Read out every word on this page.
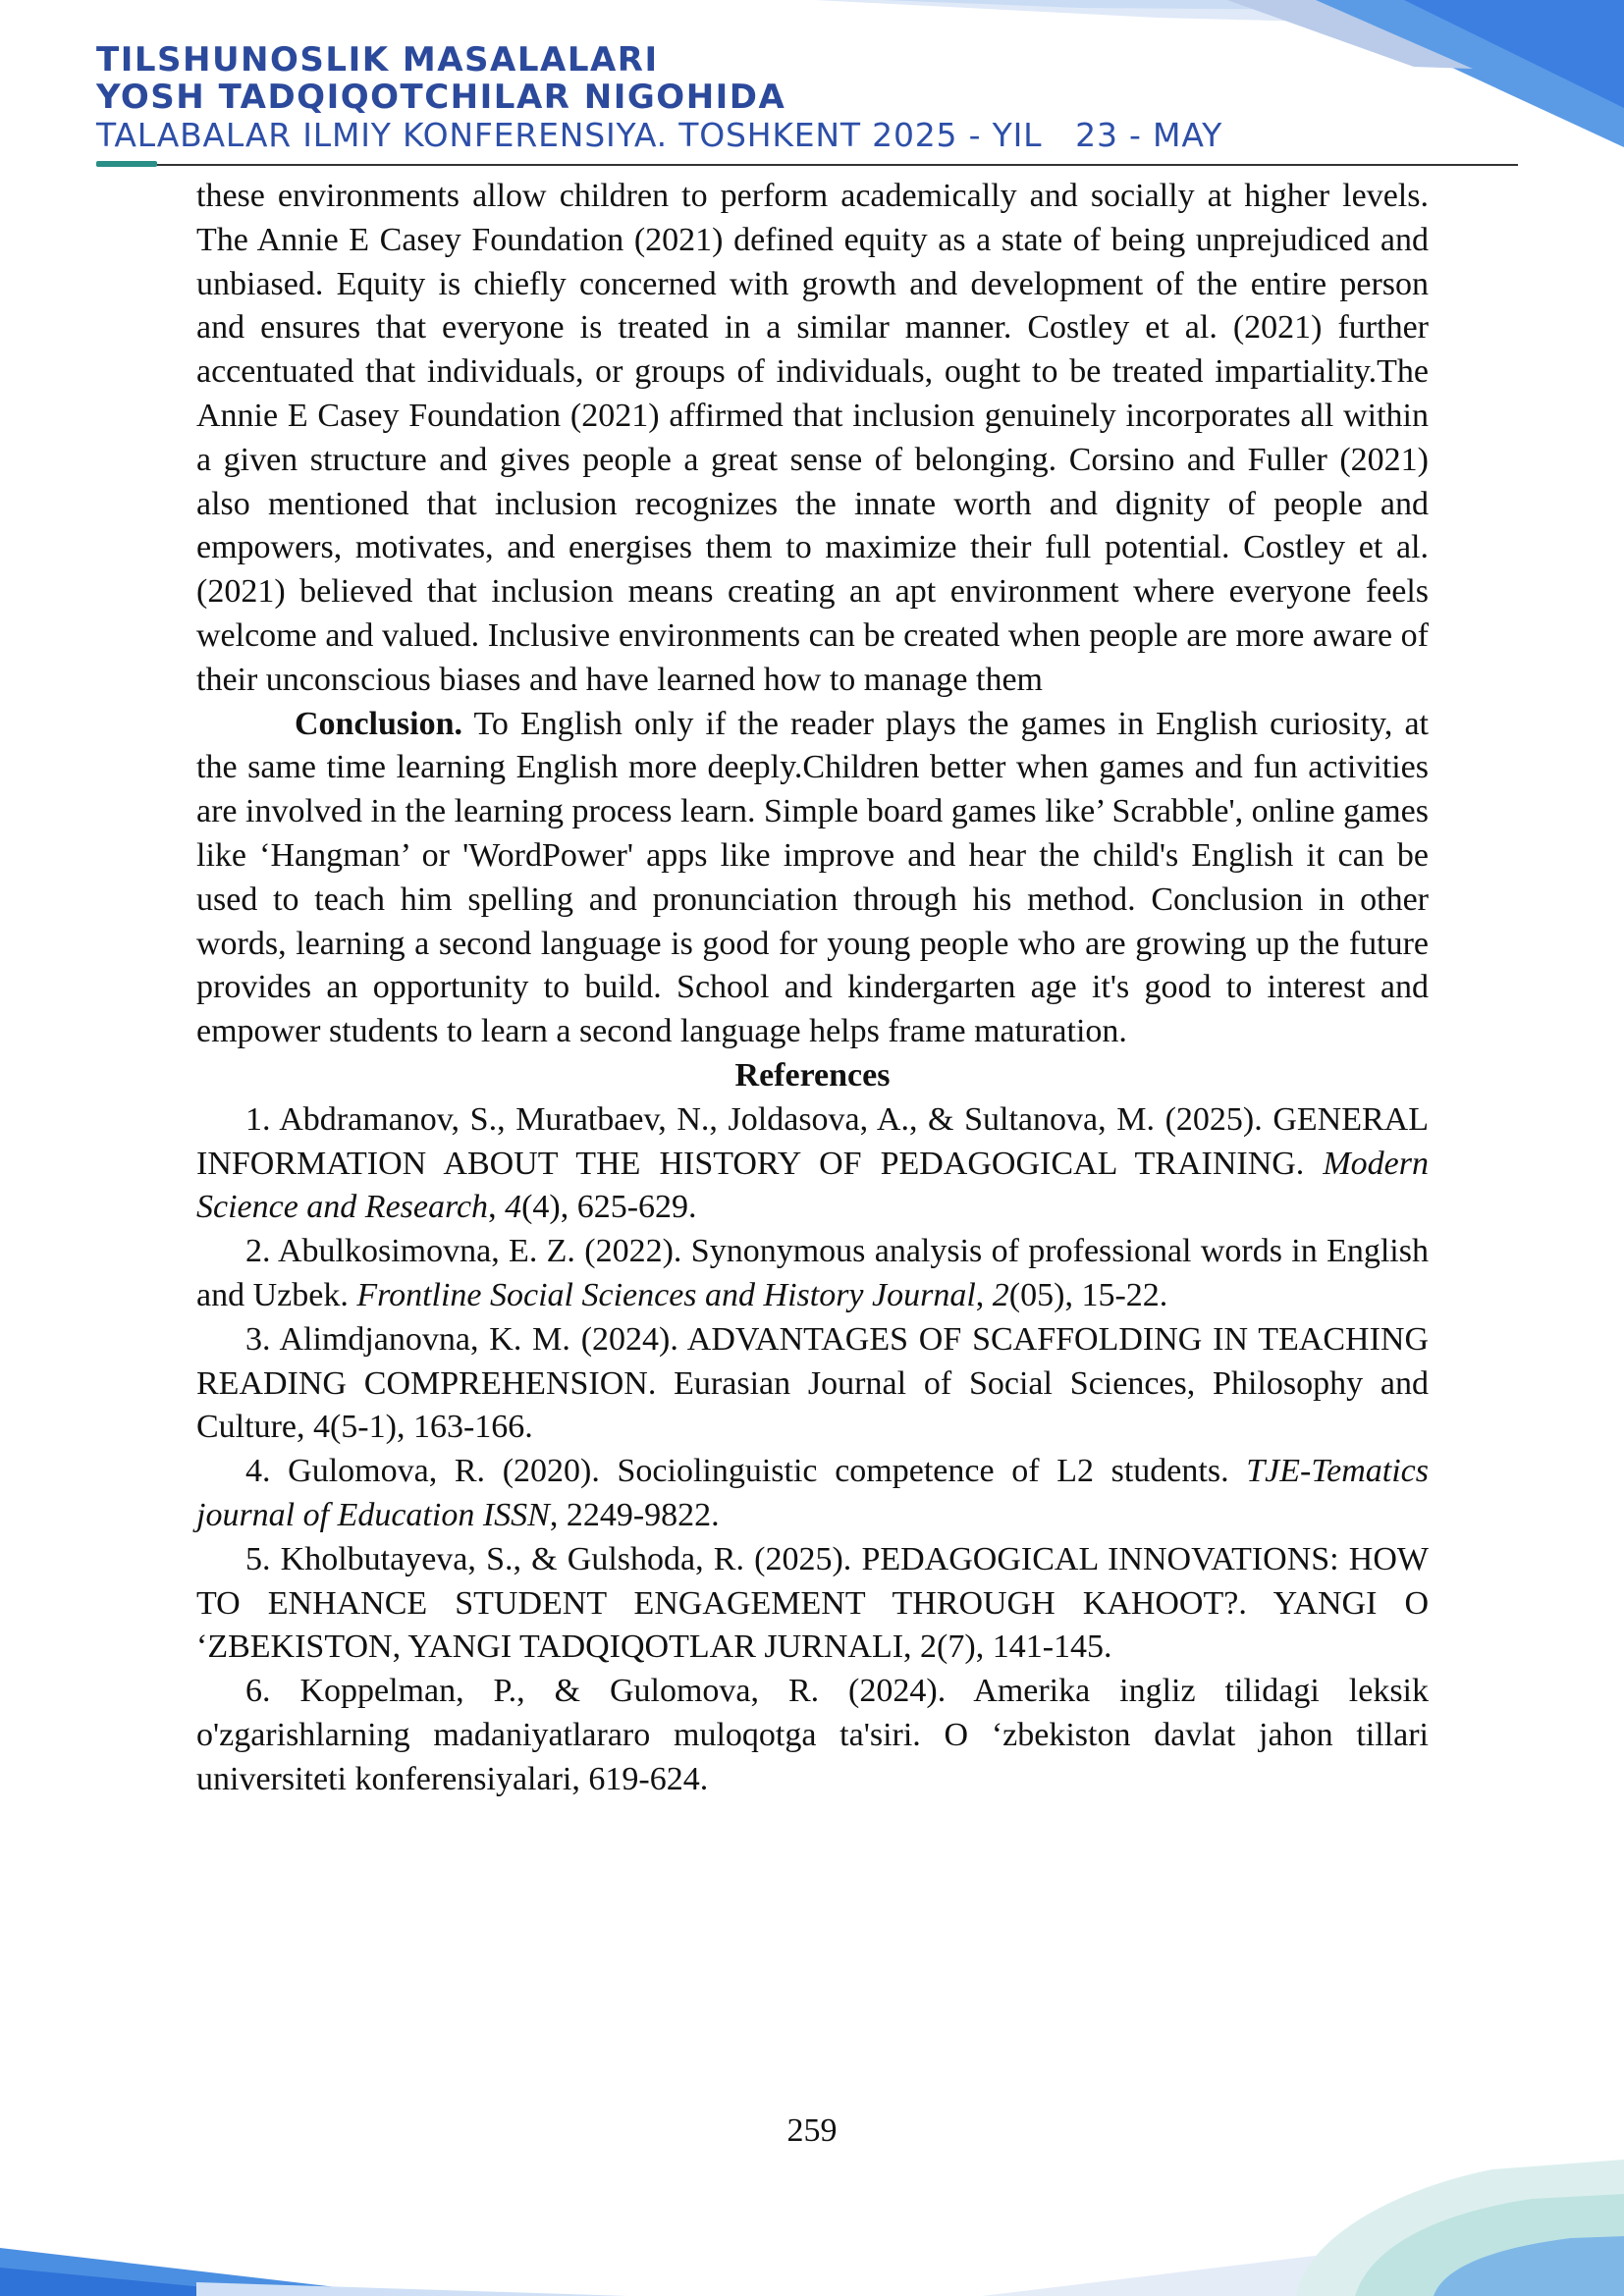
TILSHUNOSLIK MASALALARI
YOSH TADQIQOTCHILAR NIGOHIDA
TALABALAR ILMIY KONFERENSIYA. TOSHKENT 2025 - YIL   23 - MAY

these environments allow children to perform academically and socially at higher levels. The Annie E Casey Foundation (2021) defined equity as a state of being unprejudiced and unbiased. Equity is chiefly concerned with growth and development of the entire person and ensures that everyone is treated in a similar manner. Costley et al. (2021) further accentuated that individuals, or groups of individuals, ought to be treated impartiality.The Annie E Casey Foundation (2021) affirmed that inclusion genuinely incorporates all within a given structure and gives people a great sense of belonging. Corsino and Fuller (2021) also mentioned that inclusion recognizes the innate worth and dignity of people and empowers, motivates, and energises them to maximize their full potential. Costley et al. (2021) believed that inclusion means creating an apt environment where everyone feels welcome and valued. Inclusive environments can be created when people are more aware of their unconscious biases and have learned how to manage them

Conclusion. To English only if the reader plays the games in English curiosity, at the same time learning English more deeply.Children better when games and fun activities are involved in the learning process learn. Simple board games like’ Scrabble', online games like ‘Hangman’ or 'WordPower' apps like improve and hear the child's English it can be used to teach him spelling and pronunciation through his method. Conclusion in other words, learning a second language is good for young people who are growing up the future provides an opportunity to build. School and kindergarten age it's good to interest and empower students to learn a second language helps frame maturation.

References

1. Abdramanov, S., Muratbaev, N., Joldasova, A., & Sultanova, M. (2025). GENERAL INFORMATION ABOUT THE HISTORY OF PEDAGOGICAL TRAINING. Modern Science and Research, 4(4), 625-629.

2. Abulkosimovna, E. Z. (2022). Synonymous analysis of professional words in English and Uzbek. Frontline Social Sciences and History Journal, 2(05), 15-22.

3. Alimdjanovna, K. M. (2024). ADVANTAGES OF SCAFFOLDING IN TEACHING READING COMPREHENSION. Eurasian Journal of Social Sciences, Philosophy and Culture, 4(5-1), 163-166.

4. Gulomova, R. (2020). Sociolinguistic competence of L2 students. TJE-Tematics journal of Education ISSN, 2249-9822.

5. Kholbutayeva, S., & Gulshoda, R. (2025). PEDAGOGICAL INNOVATIONS: HOW TO ENHANCE STUDENT ENGAGEMENT THROUGH KAHOOT?. YANGI O ‘ZBEKISTON, YANGI TADQIQOTLAR JURNALI, 2(7), 141-145.

6. Koppelman, P., & Gulomova, R. (2024). Amerika ingliz tilidagi leksik o'zgarishlarning madaniyatlararo muloqotga ta'siri. O ‘zbekiston davlat jahon tillari universiteti konferensiyalari, 619-624.

259
